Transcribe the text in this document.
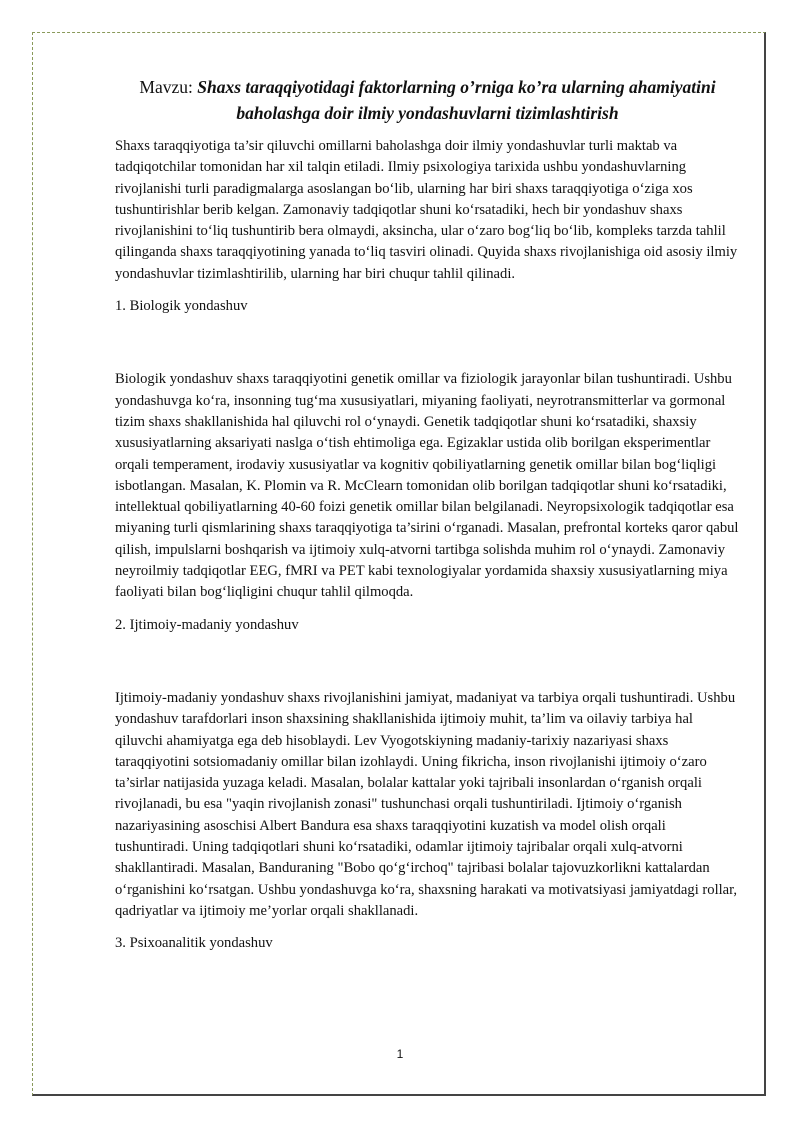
Mavzu: Shaxs taraqqiyotidagi faktorlarning o’rniga ko’ra ularning ahamiyatini baholashga doir ilmiy yondashuvlarni tizimlashtirish

Shaxs taraqqiyotiga ta’sir qiluvchi omillarni baholashga doir ilmiy yondashuvlar turli maktab va tadqiqotchilar tomonidan har xil talqin etiladi. Ilmiy psixologiya tarixida ushbu yondashuvlarning rivojlanishi turli paradigmalarga asoslangan bo‘lib, ularning har biri shaxs taraqqiyotiga o‘ziga xos tushuntirishlar berib kelgan. Zamonaviy tadqiqotlar shuni ko‘rsatadiki, hech bir yondashuv shaxs rivojlanishini to‘liq tushuntirib bera olmaydi, aksincha, ular o‘zaro bog‘liq bo‘lib, kompleks tarzda tahlil qilinganda shaxs taraqqiyotining yanada to‘liq tasviri olinadi. Quyida shaxs rivojlanishiga oid asosiy ilmiy yondashuvlar tizimlashtirilib, ularning har biri chuqur tahlil qilinadi.

1. Biologik yondashuv

Biologik yondashuv shaxs taraqqiyotini genetik omillar va fiziologik jarayonlar bilan tushuntiradi. Ushbu yondashuvga ko‘ra, insonning tug‘ma xususiyatlari, miyaning faoliyati, neyrotransmitterlar va gormonal tizim shaxs shakllanishida hal qiluvchi rol o‘ynaydi. Genetik tadqiqotlar shuni ko‘rsatadiki, shaxsiy xususiyatlarning aksariyati naslga o‘tish ehtimoliga ega. Egizaklar ustida olib borilgan eksperimentlar orqali temperament, irodaviy xususiyatlar va kognitiv qobiliyatlarning genetik omillar bilan bog‘liqligi isbotlangan. Masalan, K. Plomin va R. McClearn tomonidan olib borilgan tadqiqotlar shuni ko‘rsatadiki, intellektual qobiliyatlarning 40-60 foizi genetik omillar bilan belgilanadi. Neyropsixologik tadqiqotlar esa miyaning turli qismlarining shaxs taraqqiyotiga ta’sirini o‘rganadi. Masalan, prefrontal korteks qaror qabul qilish, impulslarni boshqarish va ijtimoiy xulq-atvorni tartibga solishda muhim rol o‘ynaydi. Zamonaviy neyroilmiy tadqiqotlar EEG, fMRI va PET kabi texnologiyalar yordamida shaxsiy xususiyatlarning miya faoliyati bilan bog‘liqligini chuqur tahlil qilmoqda.

2. Ijtimoiy-madaniy yondashuv

Ijtimoiy-madaniy yondashuv shaxs rivojlanishini jamiyat, madaniyat va tarbiya orqali tushuntiradi. Ushbu yondashuv tarafdorlari inson shaxsining shakllanishida ijtimoiy muhit, ta’lim va oilaviy tarbiya hal qiluvchi ahamiyatga ega deb hisoblaydi. Lev Vyogotskiyning madaniy-tarixiy nazariyasi shaxs taraqqiyotini sotsiomadaniy omillar bilan izohlaydi. Uning fikricha, inson rivojlanishi ijtimoiy o‘zaro ta’sirlar natijasida yuzaga keladi. Masalan, bolalar kattalar yoki tajribali insonlardan o‘rganish orqali rivojlanadi, bu esa "yaqin rivojlanish zonasi" tushunchasi orqali tushuntiriladi. Ijtimoiy o‘rganish nazariyasining asoschisi Albert Bandura esa shaxs taraqqiyotini kuzatish va model olish orqali tushuntiradi. Uning tadqiqotlari shuni ko‘rsatadiki, odamlar ijtimoiy tajribalar orqali xulq-atvorni shakllantiradi. Masalan, Banduraning "Bobo qo‘g‘irchoq" tajribasi bolalar tajovuzkorlikni kattalardan o‘rganishini ko‘rsatgan. Ushbu yondashuvga ko‘ra, shaxsning harakati va motivatsiyasi jamiyatdagi rollar, qadriyatlar va ijtimoiy me’yorlar orqali shakllanadi.

3. Psixoanalitik yondashuv

1
